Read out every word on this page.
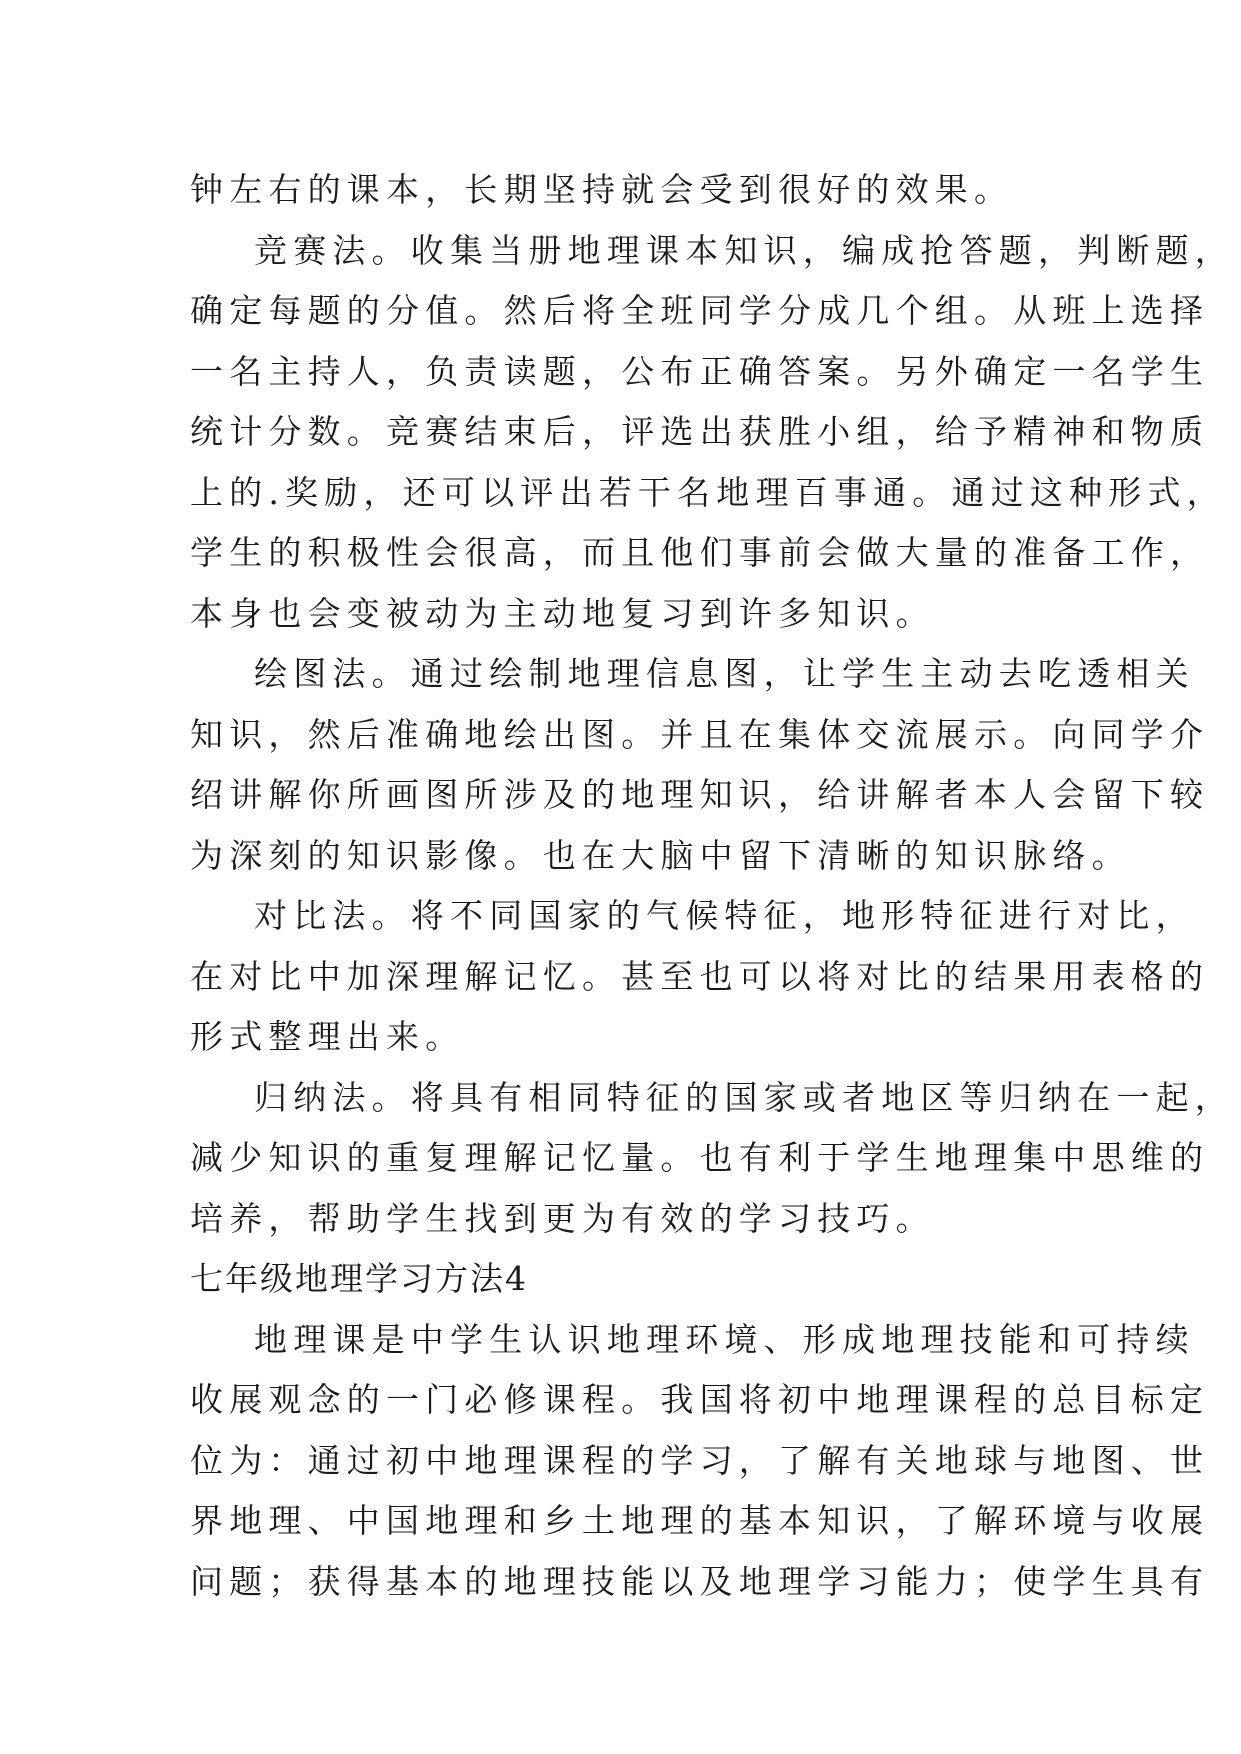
钟左右的课本，长期坚持就会受到很好的效果。
竞赛法。收集当册地理课本知识，编成抢答题，判断题，
确定每题的分值。然后将全班同学分成几个组。从班上选择
一名主持人，负责读题，公布正确答案。另外确定一名学生
统计分数。竞赛结束后，评选出获胜小组，给予精神和物质
上的.奖励，还可以评出若干名地理百事通。通过这种形式，
学生的积极性会很高，而且他们事前会做大量的准备工作，
本身也会变被动为主动地复习到许多知识。
绘图法。通过绘制地理信息图，让学生主动去吃透相关
知识，然后准确地绘出图。并且在集体交流展示。向同学介
绍讲解你所画图所涉及的地理知识，给讲解者本人会留下较
为深刻的知识影像。也在大脑中留下清晰的知识脉络。
对比法。将不同国家的气候特征，地形特征进行对比，
在对比中加深理解记忆。甚至也可以将对比的结果用表格的
形式整理出来。
归纳法。将具有相同特征的国家或者地区等归纳在一起，
减少知识的重复理解记忆量。也有利于学生地理集中思维的
培养，帮助学生找到更为有效的学习技巧。
七年级地理学习方法4
地理课是中学生认识地理环境、形成地理技能和可持续
收展观念的一门必修课程。我国将初中地理课程的总目标定
位为：通过初中地理课程的学习，了解有关地球与地图、世
界地理、中国地理和乡土地理的基本知识，了解环境与收展
问题；获得基本的地理技能以及地理学习能力；使学生具有
